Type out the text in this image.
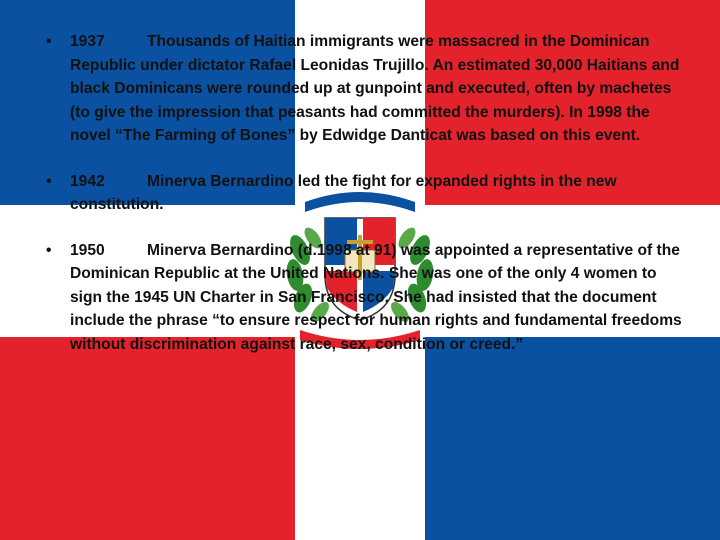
• 1937	Thousands of Haitian immigrants were massacred in the Dominican Republic under dictator Rafael Leonidas Trujillo. An estimated 30,000 Haitians and black Dominicans were rounded up at gunpoint and executed, often by machetes (to give the impression that peasants had committed the murders). In 1998 the novel “The Farming of Bones” by Edwidge Danticat was based on this event.
• 1942	Minerva Bernardino led the fight for expanded rights in the new constitution.
• 1950	Minerva Bernardino (d.1998 at 91) was appointed a representative of the Dominican Republic at the United Nations. She was one of the only 4 women to sign the 1945 UN Charter in San Francisco. She had insisted that the document include the phrase “to ensure respect for human rights and fundamental freedoms without discrimination against race, sex, condition or creed.”
